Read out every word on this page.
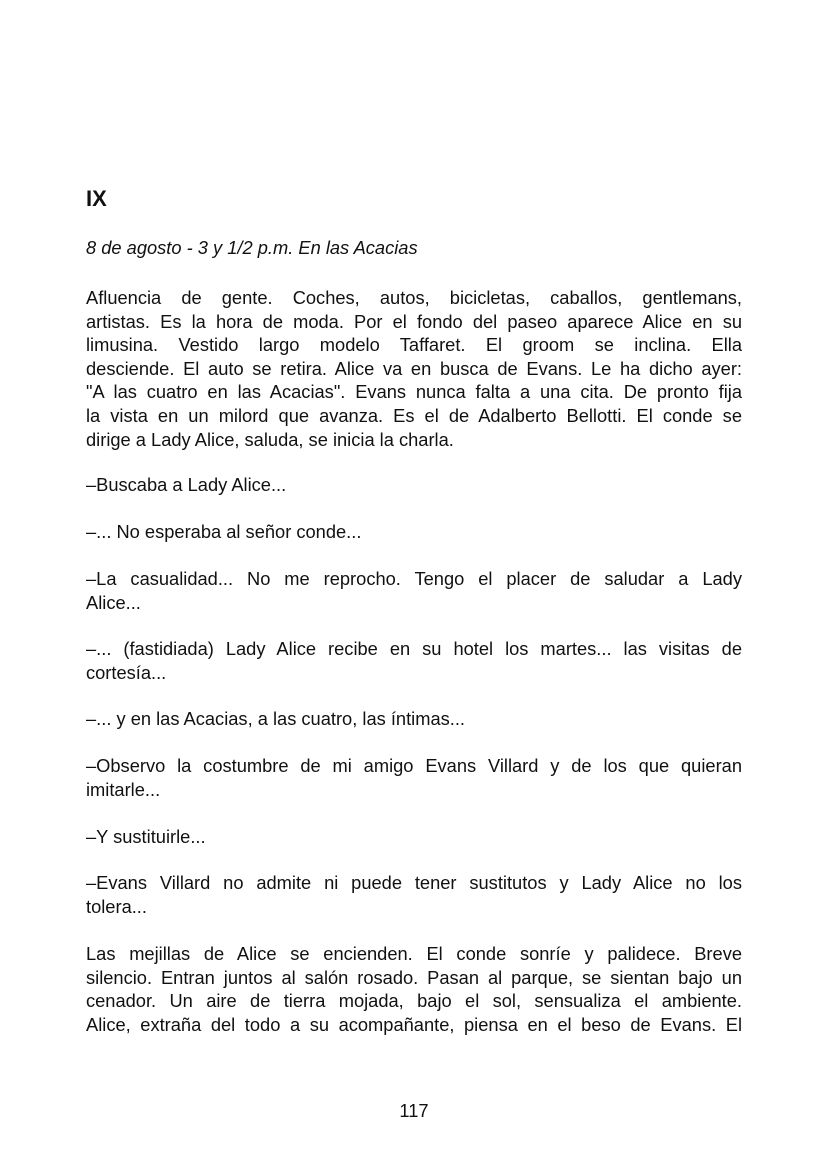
IX
8 de agosto - 3 y 1/2 p.m. En las Acacias
Afluencia de gente. Coches, autos, bicicletas, caballos, gentlemans,
artistas. Es la hora de moda. Por el fondo del paseo aparece Alice en su
limusina. Vestido largo modelo Taffaret. El groom se inclina. Ella
desciende. El auto se retira. Alice va en busca de Evans. Le ha dicho ayer:
"A las cuatro en las Acacias". Evans nunca falta a una cita. De pronto fija
la vista en un milord que avanza. Es el de Adalberto Bellotti. El conde se
dirige a Lady Alice, saluda, se inicia la charla.
–Buscaba a Lady Alice...
–... No esperaba al señor conde...
–La casualidad... No me reprocho. Tengo el placer de saludar a Lady
Alice...
–... (fastidiada) Lady Alice recibe en su hotel los martes... las visitas de
cortesía...
–... y en las Acacias, a las cuatro, las íntimas...
–Observo la costumbre de mi amigo Evans Villard y de los que quieran
imitarle...
–Y sustituirle...
–Evans Villard no admite ni puede tener sustitutos y Lady Alice no los
tolera...
Las mejillas de Alice se encienden. El conde sonríe y palidece. Breve
silencio. Entran juntos al salón rosado. Pasan al parque, se sientan bajo un
cenador. Un aire de tierra mojada, bajo el sol, sensualiza el ambiente.
Alice, extraña del todo a su acompañante, piensa en el beso de Evans. El
117
